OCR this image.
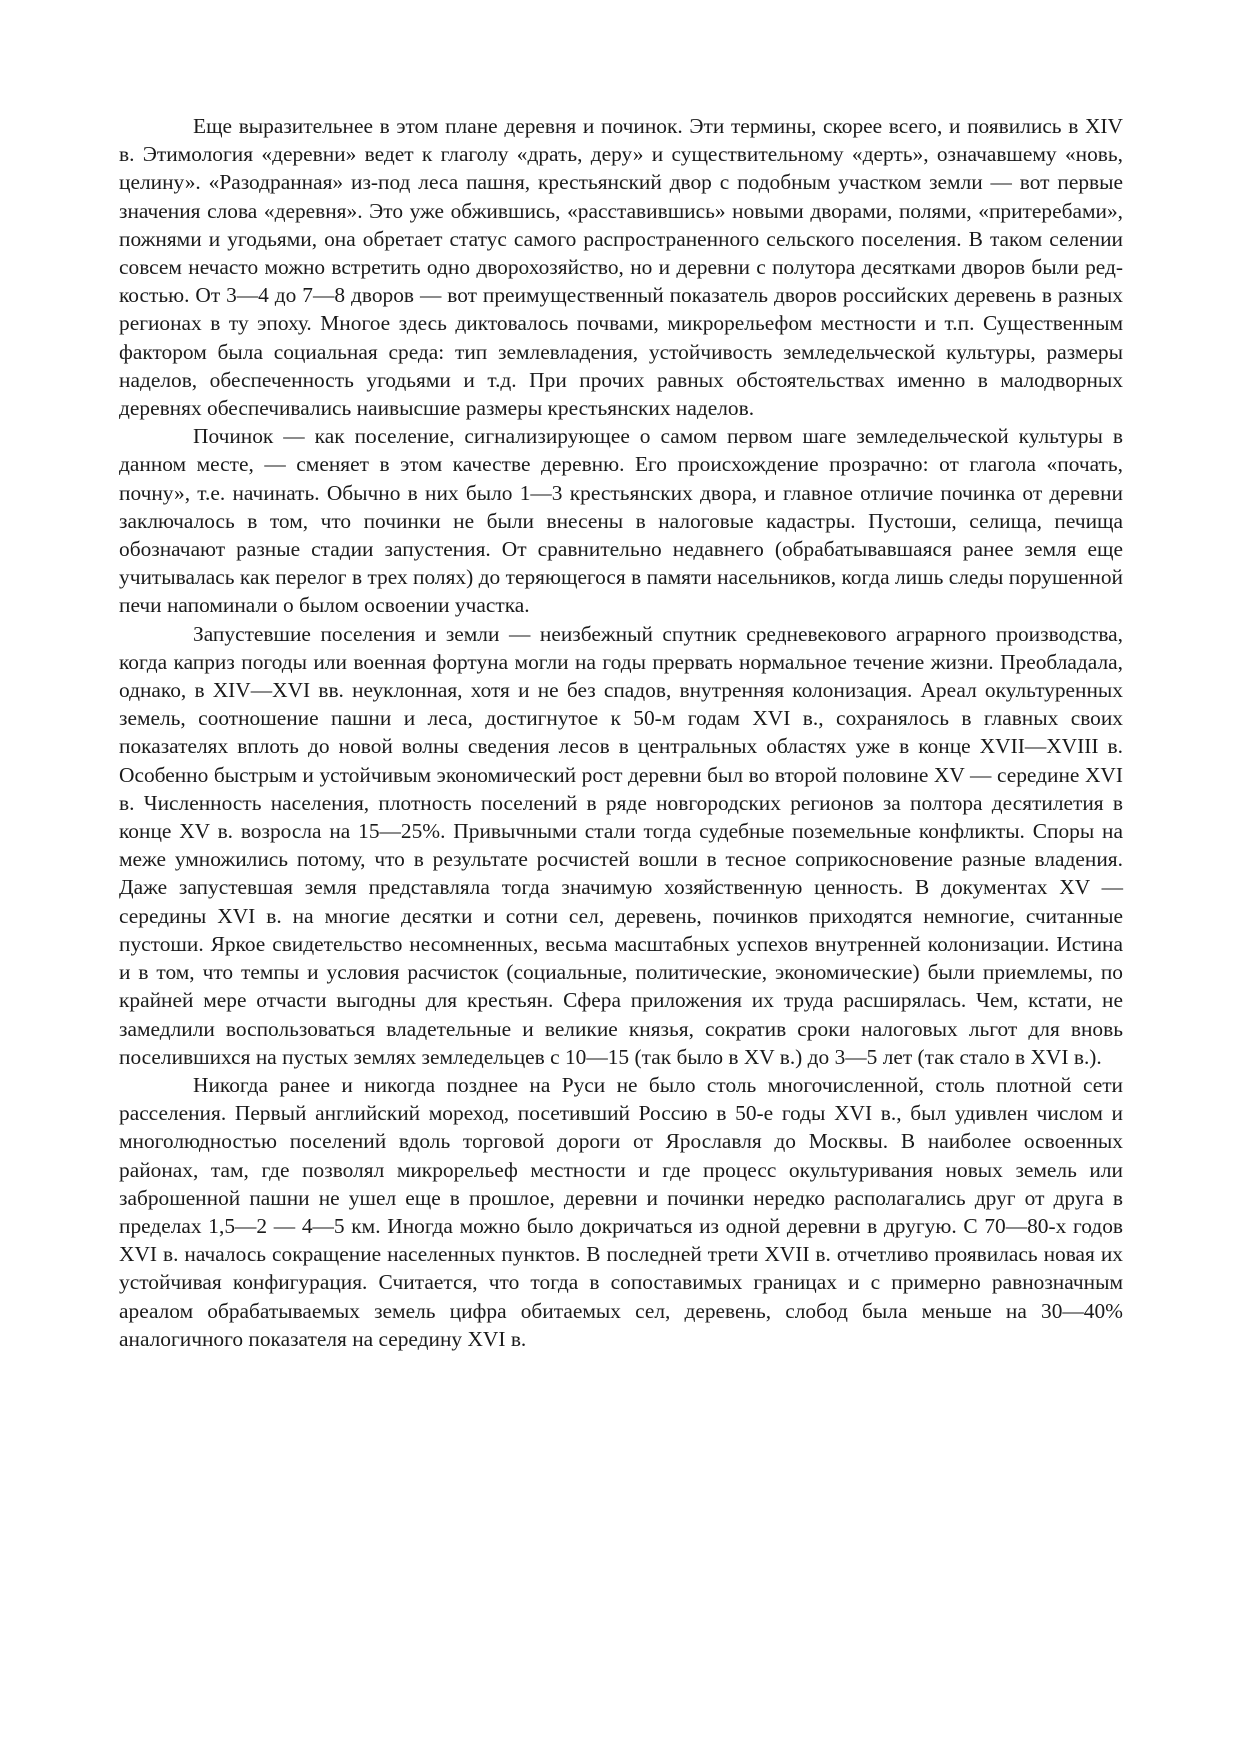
Еще выразительнее в этом плане деревня и починок. Эти термины, скорее всего, и появились в XIV в. Этимология «деревни» ведет к глаголу «драть, деру» и существительному «дерть», означавшему «новь, целину». «Разодранная» из-под леса пашня, крестьянский двор с подобным участком земли — вот первые значения слова «деревня». Это уже обжившись, «расставившись» новыми дворами, полями, «притеребами», пожнями и угодьями, она обретает статус самого распространенного сельского поселения. В таком селении совсем нечасто можно встретить одно дворохозяйство, но и деревни с полутора десятками дворов были редкостью. От 3—4 до 7—8 дворов — вот преимущественный показатель дворов российских деревень в разных регионах в ту эпоху. Многое здесь диктовалось почвами, микрорельефом местности и т.п. Существенным фактором была социальная среда: тип землевладения, устойчивость земледельческой культуры, размеры наделов, обеспеченность угодьями и т.д. При прочих равных обстоятельствах именно в малодворных деревнях обеспечивались наивысшие размеры крестьянских наделов.

Починок — как поселение, сигнализирующее о самом первом шаге земледельческой культуры в данном месте, — сменяет в этом качестве деревню. Его происхождение прозрачно: от глагола «почать, почну», т.е. начинать. Обычно в них было 1—3 крестьянских двора, и главное отличие починка от деревни заключалось в том, что починки не были внесены в налоговые кадастры. Пустоши, селища, печища обозначают разные стадии запустения. От сравнительно недавнего (обрабатывавшаяся ранее земля еще учитывалась как перелог в трех полях) до теряющегося в памяти насельников, когда лишь следы порушенной печи напоминали о былом освоении участка.

Запустевшие поселения и земли — неизбежный спутник средневекового аграрного производства, когда каприз погоды или военная фортуна могли на годы прервать нормальное течение жизни. Преобладала, однако, в XIV—XVI вв. неуклонная, хотя и не без спадов, внутренняя колонизация. Ареал окультуренных земель, соотношение пашни и леса, достигнутое к 50-м годам XVI в., сохранялось в главных своих показателях вплоть до новой волны сведения лесов в центральных областях уже в конце XVII—XVIII в. Особенно быстрым и устойчивым экономический рост деревни был во второй половине XV — середине XVI в. Численность населения, плотность поселений в ряде новгородских регионов за полтора десятилетия в конце XV в. возросла на 15—25%. Привычными стали тогда судебные поземельные конфликты. Споры на меже умножились потому, что в результате росчистей вошли в тесное соприкосновение разные владения. Даже запустевшая земля представляла тогда значимую хозяйственную ценность. В документах XV — середины XVI в. на многие десятки и сотни сел, деревень, починков приходятся немногие, считанные пустоши. Яркое свидетельство несомненных, весьма масштабных успехов внутренней колонизации. Истина и в том, что темпы и условия расчисток (социальные, политические, экономические) были приемлемы, по крайней мере отчасти выгодны для крестьян. Сфера приложения их труда расширялась. Чем, кстати, не замедлили воспользоваться владетельные и великие князья, сократив сроки налоговых льгот для вновь поселившихся на пустых землях земледельцев с 10—15 (так было в XV в.) до 3—5 лет (так стало в XVI в.).

Никогда ранее и никогда позднее на Руси не было столь многочисленной, столь плотной сети расселения. Первый английский мореход, посетивший Россию в 50-е годы XVI в., был удивлен числом и многолюдностью поселений вдоль торговой дороги от Ярославля до Москвы. В наиболее освоенных районах, там, где позволял микрорельеф местности и где процесс окультуривания новых земель или заброшенной пашни не ушел еще в прошлое, деревни и починки нередко располагались друг от друга в пределах 1,5—2 — 4—5 км. Иногда можно было докричаться из одной деревни в другую. С 70—80-х годов XVI в. началось сокращение населенных пунктов. В последней трети XVII в. отчетливо проявилась новая их устойчивая конфигурация. Считается, что тогда в сопоставимых границах и с примерно равнозначным ареалом обрабатываемых земель цифра обитаемых сел, деревень, слобод была меньше на 30—40% аналогичного показателя на середину XVI в.
